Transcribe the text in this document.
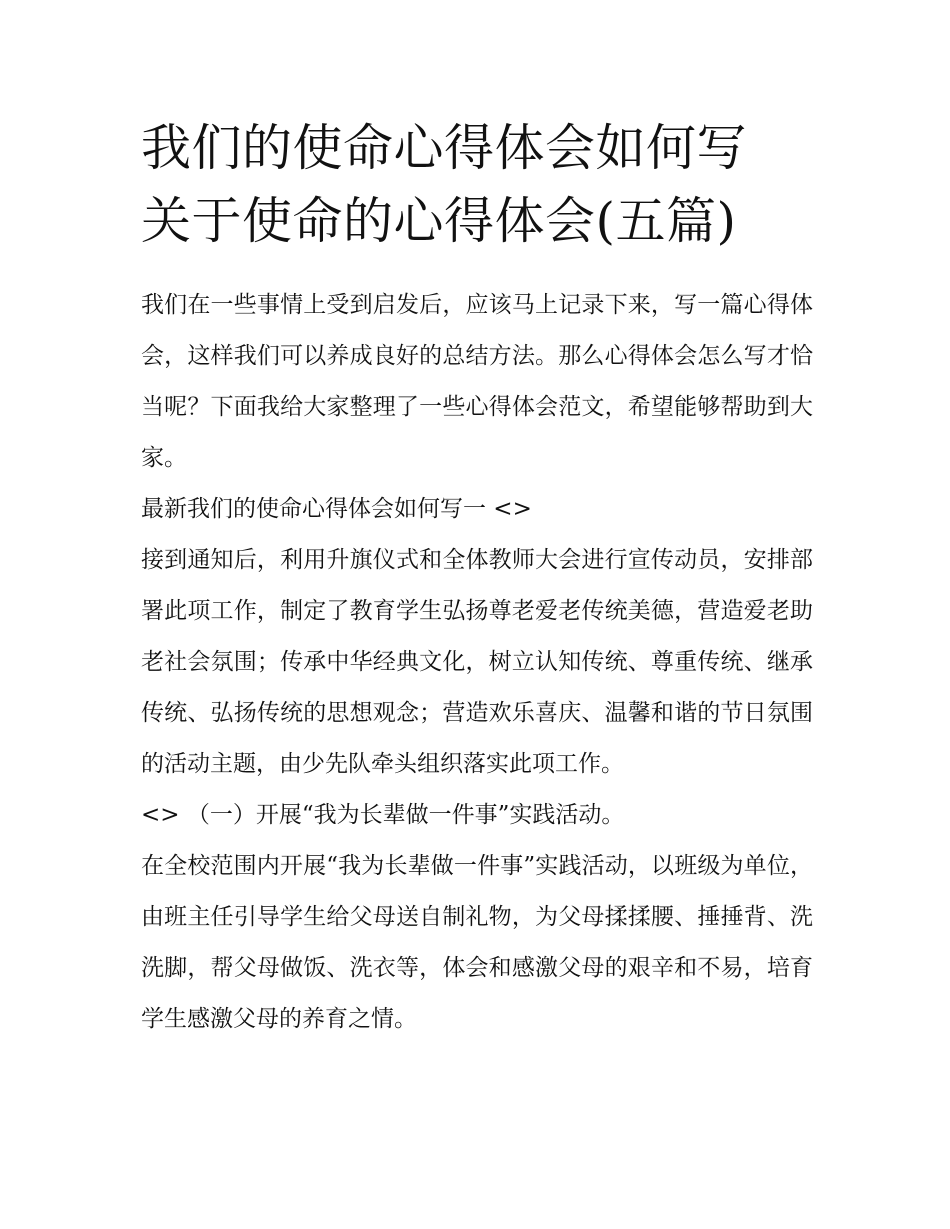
我们的使命心得体会如何写 关于使命的心得体会(五篇)

我们在一些事情上受到启发后，应该马上记录下来，写一篇心得体会，这样我们可以养成良好的总结方法。那么心得体会怎么写才恰当呢？下面我给大家整理了一些心得体会范文，希望能够帮助到大家。

最新我们的使命心得体会如何写一 <>

接到通知后，利用升旗仪式和全体教师大会进行宣传动员，安排部署此项工作，制定了教育学生弘扬尊老爱老传统美德，营造爱老助老社会氛围；传承中华经典文化，树立认知传统、尊重传统、继承传统、弘扬传统的思想观念；营造欢乐喜庆、温馨和谐的节日氛围的活动主题，由少先队牵头组织落实此项工作。

<> （一）开展“我为长辈做一件事”实践活动。

在全校范围内开展“我为长辈做一件事”实践活动，以班级为单位，由班主任引导学生给父母送自制礼物，为父母揉揉腰、捶捶背、洗洗脚，帮父母做饭、洗衣等，体会和感激父母的艰辛和不易，培育学生感激父母的养育之情。
